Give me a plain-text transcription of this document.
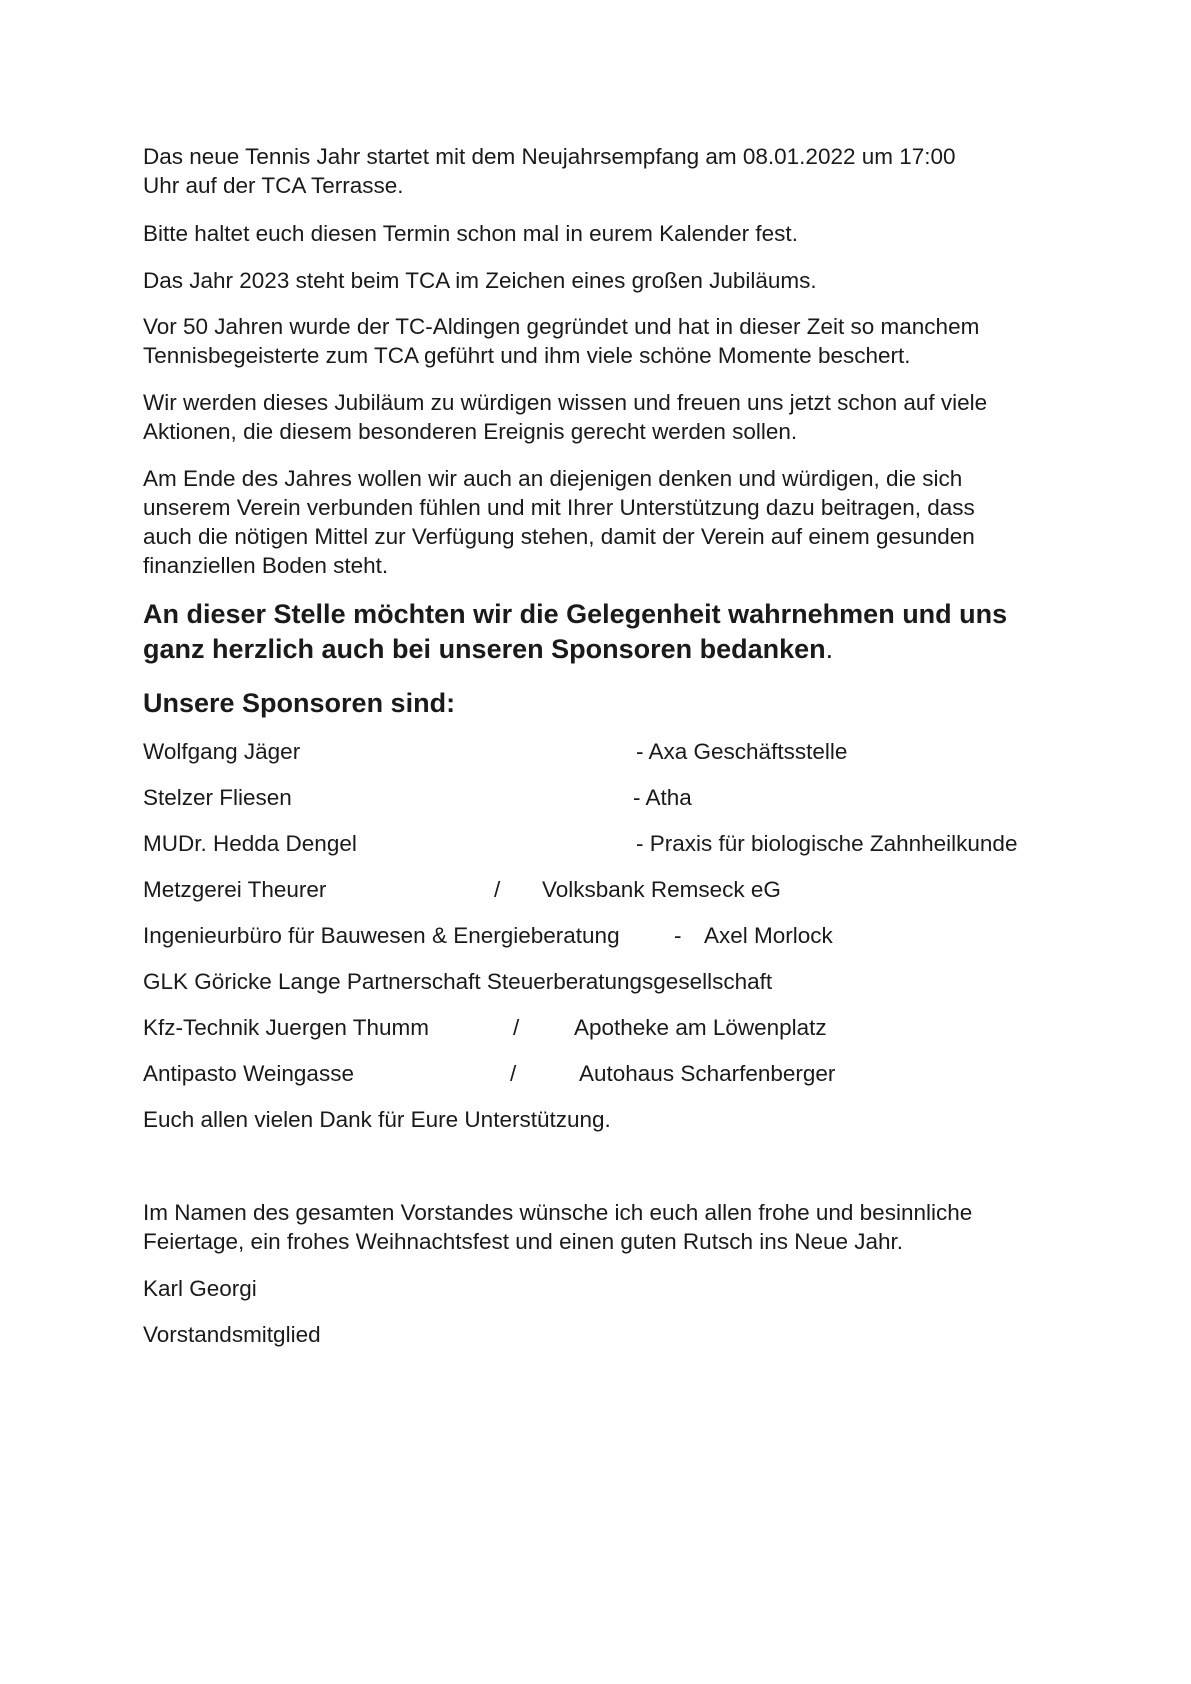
Das neue Tennis Jahr startet mit dem Neujahrsempfang am 08.01.2022 um 17:00
Uhr auf der TCA Terrasse.
Bitte haltet euch diesen Termin schon mal in eurem Kalender fest.
Das Jahr 2023 steht beim TCA im Zeichen eines großen Jubiläums.
Vor 50 Jahren wurde der TC-Aldingen gegründet und hat in dieser Zeit so manchem
Tennisbegeisterte zum TCA geführt und ihm viele schöne Momente beschert.
Wir werden dieses Jubiläum zu würdigen wissen und freuen uns jetzt schon auf viele
Aktionen, die diesem besonderen Ereignis gerecht werden sollen.
Am Ende des Jahres wollen wir auch an diejenigen denken und würdigen, die sich
unserem Verein verbunden fühlen und mit Ihrer Unterstützung dazu beitragen, dass
auch die nötigen Mittel zur Verfügung stehen, damit der Verein auf einem gesunden
finanziellen Boden steht.
An dieser Stelle möchten wir die Gelegenheit wahrnehmen und uns
ganz herzlich auch bei unseren Sponsoren bedanken.
Unsere Sponsoren sind:
Wolfgang Jäger	- Axa Geschäftsstelle
Stelzer Fliesen	- Atha
MUDr. Hedda Dengel	- Praxis für biologische Zahnheilkunde
Metzgerei Theurer	/ Volksbank Remseck eG
Ingenieurbüro für Bauwesen & Energieberatung - Axel Morlock
GLK Göricke Lange Partnerschaft Steuerberatungsgesellschaft
Kfz-Technik Juergen Thumm	/ Apotheke am Löwenplatz
Antipasto Weingasse	/	Autohaus Scharfenberger
Euch allen vielen Dank für Eure Unterstützung.
Im Namen des gesamten Vorstandes wünsche ich euch allen frohe und besinnliche
Feiertage, ein frohes Weihnachtsfest und einen guten Rutsch ins Neue Jahr.
Karl Georgi
Vorstandsmitglied
